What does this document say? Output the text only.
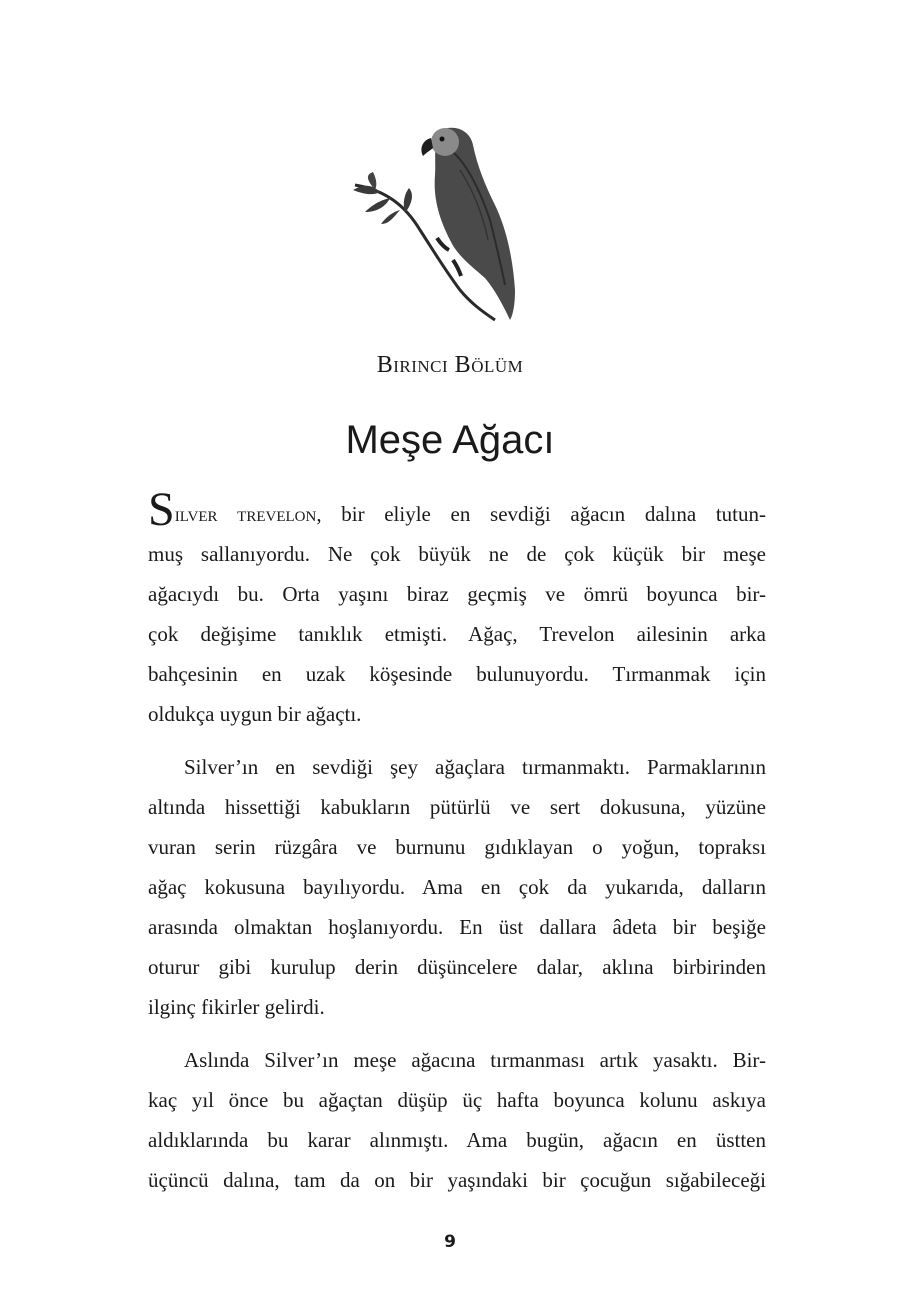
Birinci Bölüm
Meşe Ağacı

Silver trevelon, bir eliyle en sevdiği ağacın dalına tutun-
muş sallanıyordu. Ne çok büyük ne de çok küçük bir meşe
ağacıydı bu. Orta yaşını biraz geçmiş ve ömrü boyunca bir-
çok değişime tanıklık etmişti. Ağaç, Trevelon ailesinin arka
bahçesinin en uzak köşesinde bulunuyordu. Tırmanmak için
oldukça uygun bir ağaçtı.

Silver’ın en sevdiği şey ağaçlara tırmanmaktı. Parmaklarının
altında hissettiği kabukların pütürlü ve sert dokusuna, yüzüne
vuran serin rüzgâra ve burnunu gıdıklayan o yoğun, topraksı
ağaç kokusuna bayılıyordu. Ama en çok da yukarıda, dalların
arasında olmaktan hoşlanıyordu. En üst dallara âdeta bir beşiğe
oturur gibi kurulup derin düşüncelere dalar, aklına birbirinden
ilginç fikirler gelirdi.

Aslında Silver’ın meşe ağacına tırmanması artık yasaktı. Bir-
kaç yıl önce bu ağaçtan düşüp üç hafta boyunca kolunu askıya
aldıklarında bu karar alınmıştı. Ama bugün, ağacın en üstten
üçüncü dalına, tam da on bir yaşındaki bir çocuğun sığabileceği

9
